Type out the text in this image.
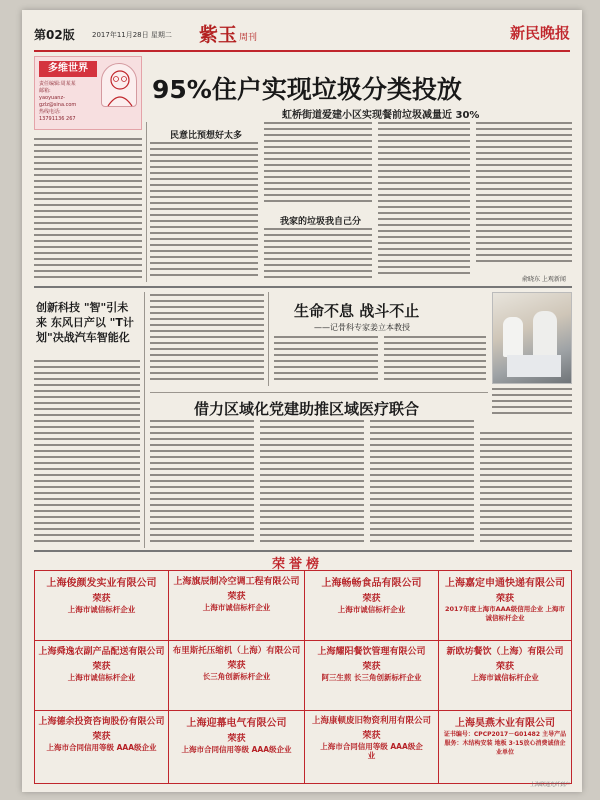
第02版 2017年11月28日 星期二 紫玉 周刊	新民晚报
多维世界
责任编辑:周某某
邮箱:
yaoyuanz-
gzlz@sina.com
热线电话:
13791136 267
95%住户实现垃圾分类投放
虹桥街道爱建小区实现餐前垃圾减量近 30%
民意比预想好太多
我家的垃圾我自己分
俞晓东 上观新闻
创新科技 "智"引未来 东风日产以 "T计划"决战汽车智能化
生命不息 战斗不止
——记骨科专家姜立本教授
借力区域化党建助推区域医疗联合
荣誉榜
上海俊颜发实业有限公司
荣获
上海市诚信标杆企业
上海旗辰制冷空调工程有限公司
荣获
上海市诚信标杆企业
上海畅畅食品有限公司
荣获
上海市诚信标杆企业
上海嘉定申通快递有限公司
荣获
2017年度上海市AAA级信用企业 上海市诚信标杆企业
上海舜逸农副产品配送有限公司
荣获
上海市诚信标杆企业
布里斯托压缩机（上海）有限公司
荣获
长三角创新标杆企业
上海耀阳餐饮管理有限公司
荣获
阿三生煎 长三角创新标杆企业
新欧坊餐饮（上海）有限公司
荣获
上海市诚信标杆企业
上海德余投资咨询股份有限公司
荣获
上海市合同信用等级 AAA级企业
上海迎幕电气有限公司
荣获
上海市合同信用等级 AAA级企业
上海康顿废旧物资利用有限公司
荣获
上海市合同信用等级 AAA级企业
上海昊燕木业有限公司
证书编号：CPCP2017－G01482 主导产品服务：木结构安装 地板 3·15放心消费诚信企业单位
上海联通光纤到户
